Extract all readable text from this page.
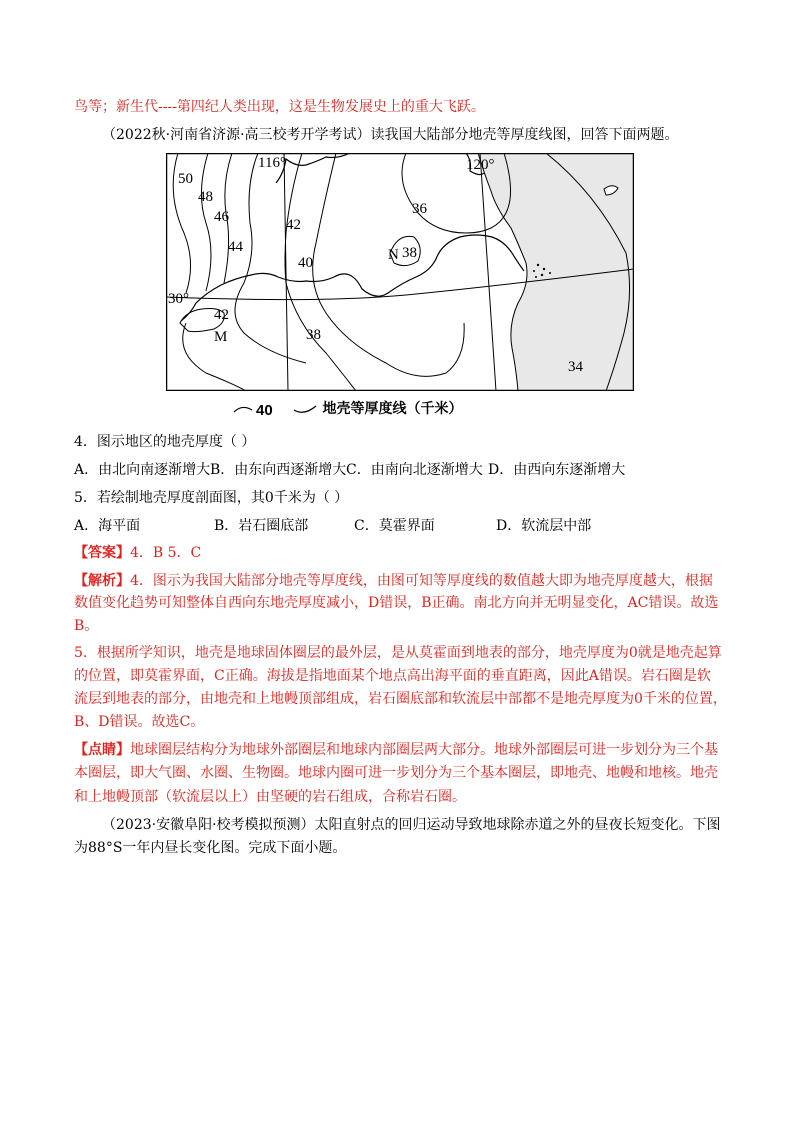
鸟等；新生代----第四纪人类出现，这是生物发展史上的重大飞跃。
（2022秋·河南省济源·高三校考开学考试）读我国大陆部分地壳等厚度线图，回答下面两题。
116°	120°
30°
N
M
50
48
46
44
42
40
38
36
38
42
34
40	地壳等厚度线（千米）
4．图示地区的地壳厚度（ ）
A．由北向南逐渐增大 B．由东向西逐渐增大 C．由南向北逐渐增大 D．由西向东逐渐增大
5．若绘制地壳厚度剖面图，其0千米为（ ）
A．海平面	B．岩石圈底部	C．莫霍界面	D．软流层中部
【答案】4．B 5．C
【解析】4．图示为我国大陆部分地壳等厚度线，由图可知等厚度线的数值越大即为地壳厚度越大，根据
数值变化趋势可知整体自西向东地壳厚度减小，D错误，B正确。南北方向并无明显变化，AC错误。故选
B。
5．根据所学知识，地壳是地球固体圈层的最外层，是从莫霍面到地表的部分，地壳厚度为0就是地壳起算
的位置，即莫霍界面，C正确。海拔是指地面某个地点高出海平面的垂直距离，因此A错误。岩石圈是软
流层到地表的部分，由地壳和上地幔顶部组成，岩石圈底部和软流层中部都不是地壳厚度为0千米的位置，
B、D错误。故选C。
【点睛】地球圈层结构分为地球外部圈层和地球内部圈层两大部分。地球外部圈层可进一步划分为三个基
本圈层，即大气圈、水圈、生物圈。地球内圈可进一步划分为三个基本圈层，即地壳、地幔和地核。地壳
和上地幔顶部（软流层以上）由坚硬的岩石组成，合称岩石圈。
（2023·安徽阜阳·校考模拟预测）太阳直射点的回归运动导致地球除赤道之外的昼夜长短变化。下图
为88°S一年内昼长变化图。完成下面小题。
